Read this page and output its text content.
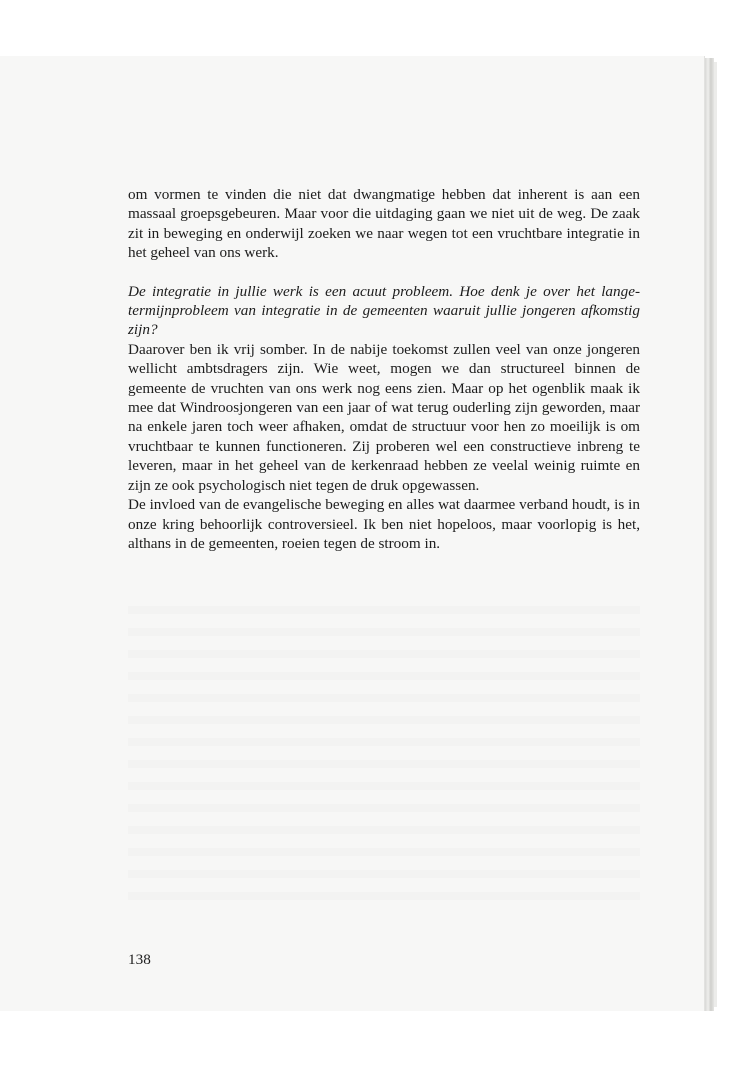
om vormen te vinden die niet dat dwangmatige hebben dat inherent is aan een massaal groepsgebeuren. Maar voor die uitdaging gaan we niet uit de weg. De zaak zit in beweging en onderwijl zoeken we naar wegen tot een vruchtbare integratie in het geheel van ons werk.

De integratie in jullie werk is een acuut probleem. Hoe denk je over het lange-termijnprobleem van integratie in de gemeenten waaruit jullie jongeren afkomstig zijn?

Daarover ben ik vrij somber. In de nabije toekomst zullen veel van onze jongeren wellicht ambtsdragers zijn. Wie weet, mogen we dan structureel binnen de gemeente de vruchten van ons werk nog eens zien. Maar op het ogenblik maak ik mee dat Windroosjongeren van een jaar of wat terug ouderling zijn geworden, maar na enkele jaren toch weer afhaken, omdat de structuur voor hen zo moeilijk is om vruchtbaar te kunnen functioneren. Zij proberen wel een constructieve inbreng te leveren, maar in het geheel van de kerkenraad hebben ze veelal weinig ruimte en zijn ze ook psychologisch niet tegen de druk opgewassen.

De invloed van de evangelische beweging en alles wat daarmee verband houdt, is in onze kring behoorlijk controversieel. Ik ben niet hopeloos, maar voorlopig is het, althans in de gemeenten, roeien tegen de stroom in.

138
